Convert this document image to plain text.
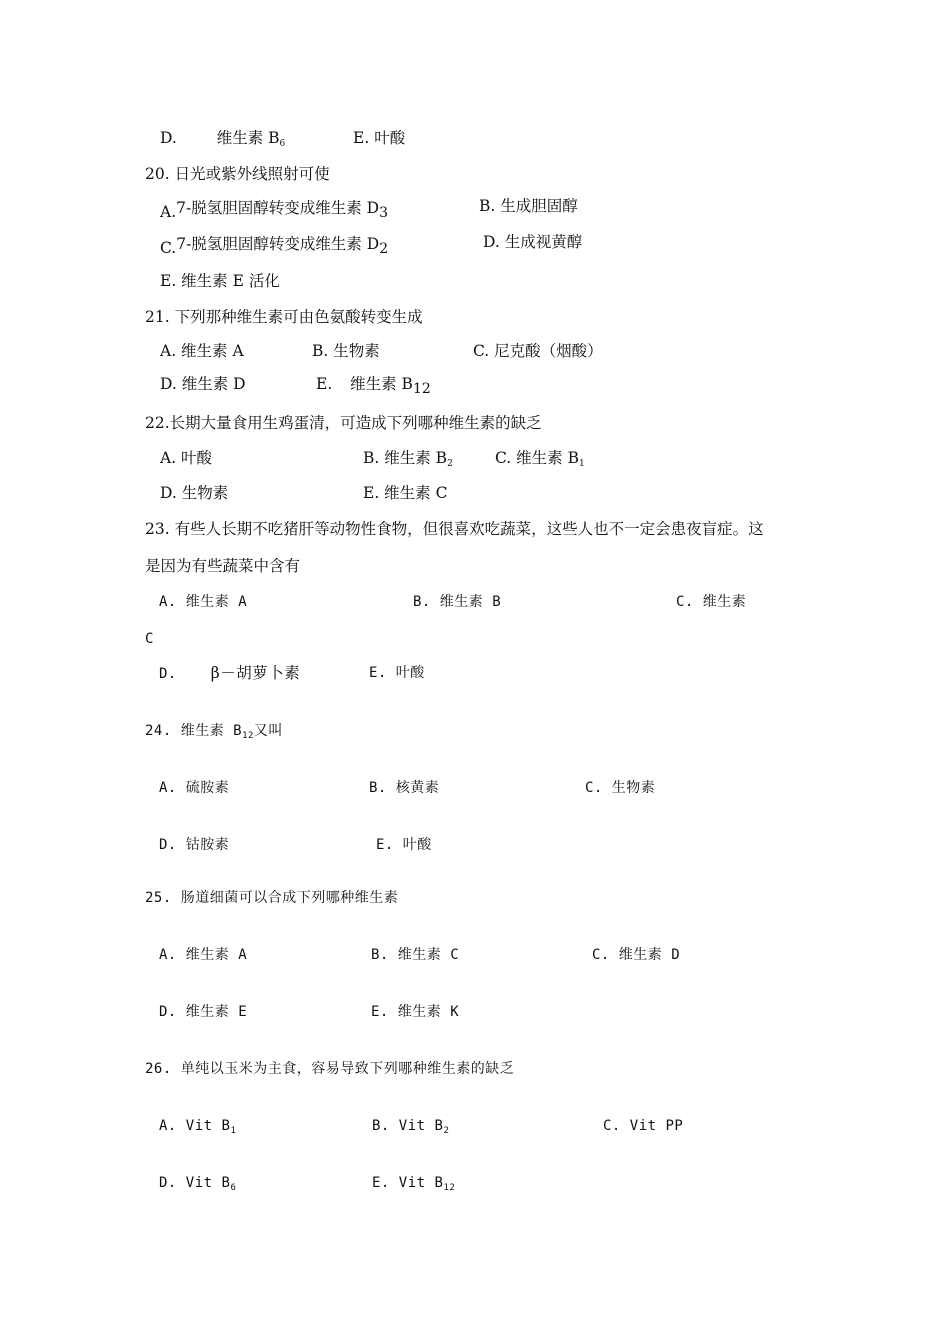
D.	维生素 $B_6$	E. 叶酸
20. 日光或紫外线照射可使
A.7-脱氢胆固醇转变成维生素 D3	B. 生成胆固醇
C.7-脱氢胆固醇转变成维生素 D2	D. 生成视黄醇
E. 维生素 E 活化
21. 下列那种维生素可由色氨酸转变生成
A. 维生素 A	B. 生物素	C. 尼克酸（烟酸）
D. 维生素 D	E. 维生素 B12
22.长期大量食用生鸡蛋清，可造成下列哪种维生素的缺乏
A. 叶酸	B. 维生素 $B_2$	C. 维生素 $B_1$
D. 生物素	E. 维生素 C
23. 有些人长期不吃猪肝等动物性食物，但很喜欢吃蔬菜，这些人也不一定会患夜盲症。这
是因为有些蔬菜中含有
A. 维生素 A	B. 维生素 B	C. 维生素
C
D. β－胡萝卜素	E. 叶酸
24. 维生素 $B_{12}$又叫
A. 硫胺素	B. 核黄素	C. 生物素
D. 钴胺素	E. 叶酸
25. 肠道细菌可以合成下列哪种维生素
A. 维生素 A	B. 维生素 C	C. 维生素 D
D. 维生素 E	E. 维生素 K
26. 单纯以玉米为主食，容易导致下列哪种维生素的缺乏
A. Vit $B_1$	B. Vit $B_2$	C. Vit PP
D. Vit $B_6$	E. Vit $B_{12}$
